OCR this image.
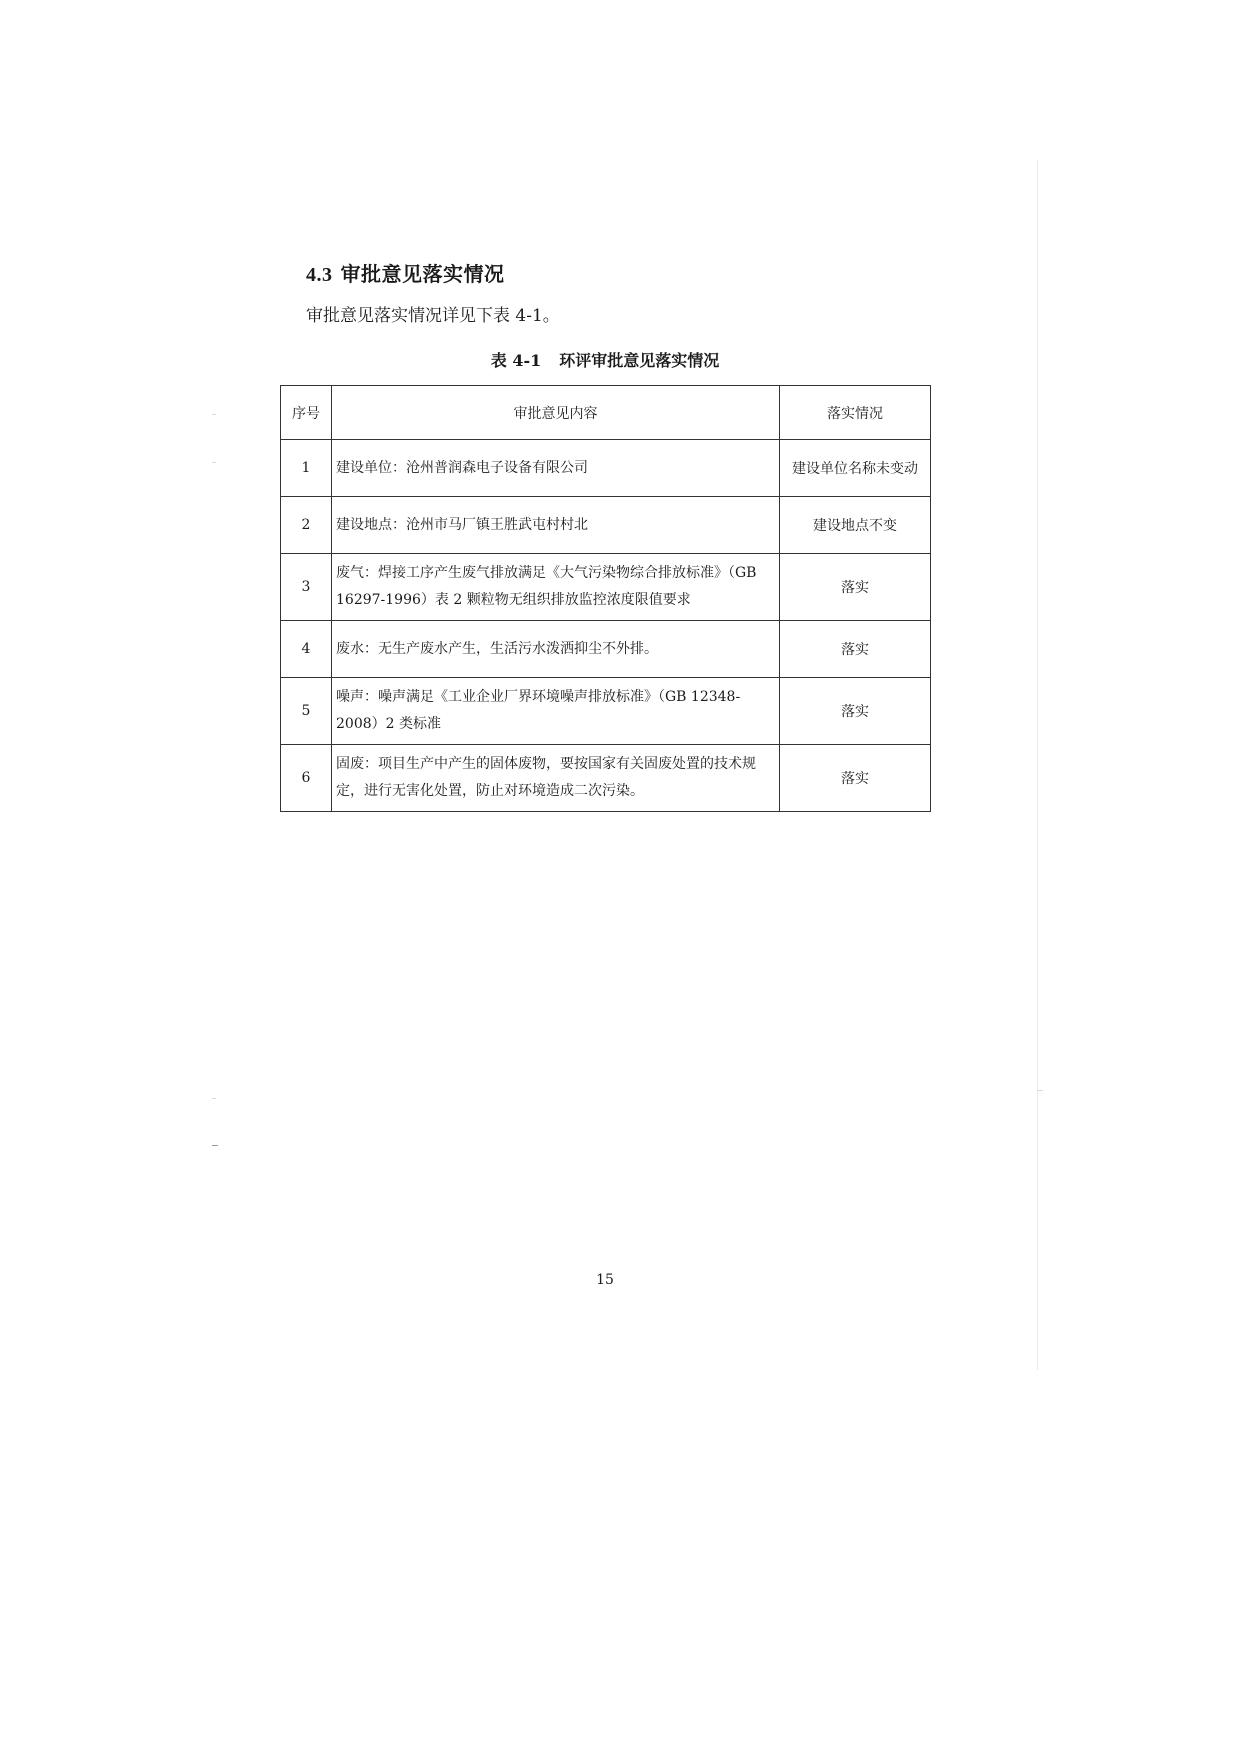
4.3 审批意见落实情况
审批意见落实情况详见下表 4-1。
表 4-1 环评审批意见落实情况
序号	审批意见内容	落实情况
1	建设单位：沧州普润森电子设备有限公司	建设单位名称未变动
2	建设地点：沧州市马厂镇王胜武屯村村北	建设地点不变
3	废气：焊接工序产生废气排放满足《大气污染物综合排放标准》（GB 16297-1996）表 2 颗粒物无组织排放监控浓度限值要求	落实
4	废水：无生产废水产生，生活污水泼洒抑尘不外排。	落实
5	噪声：噪声满足《工业企业厂界环境噪声排放标准》（GB 12348-2008）2 类标准	落实
6	固废：项目生产中产生的固体废物，要按国家有关固废处置的技术规定，进行无害化处置，防止对环境造成二次污染。	落实
15
